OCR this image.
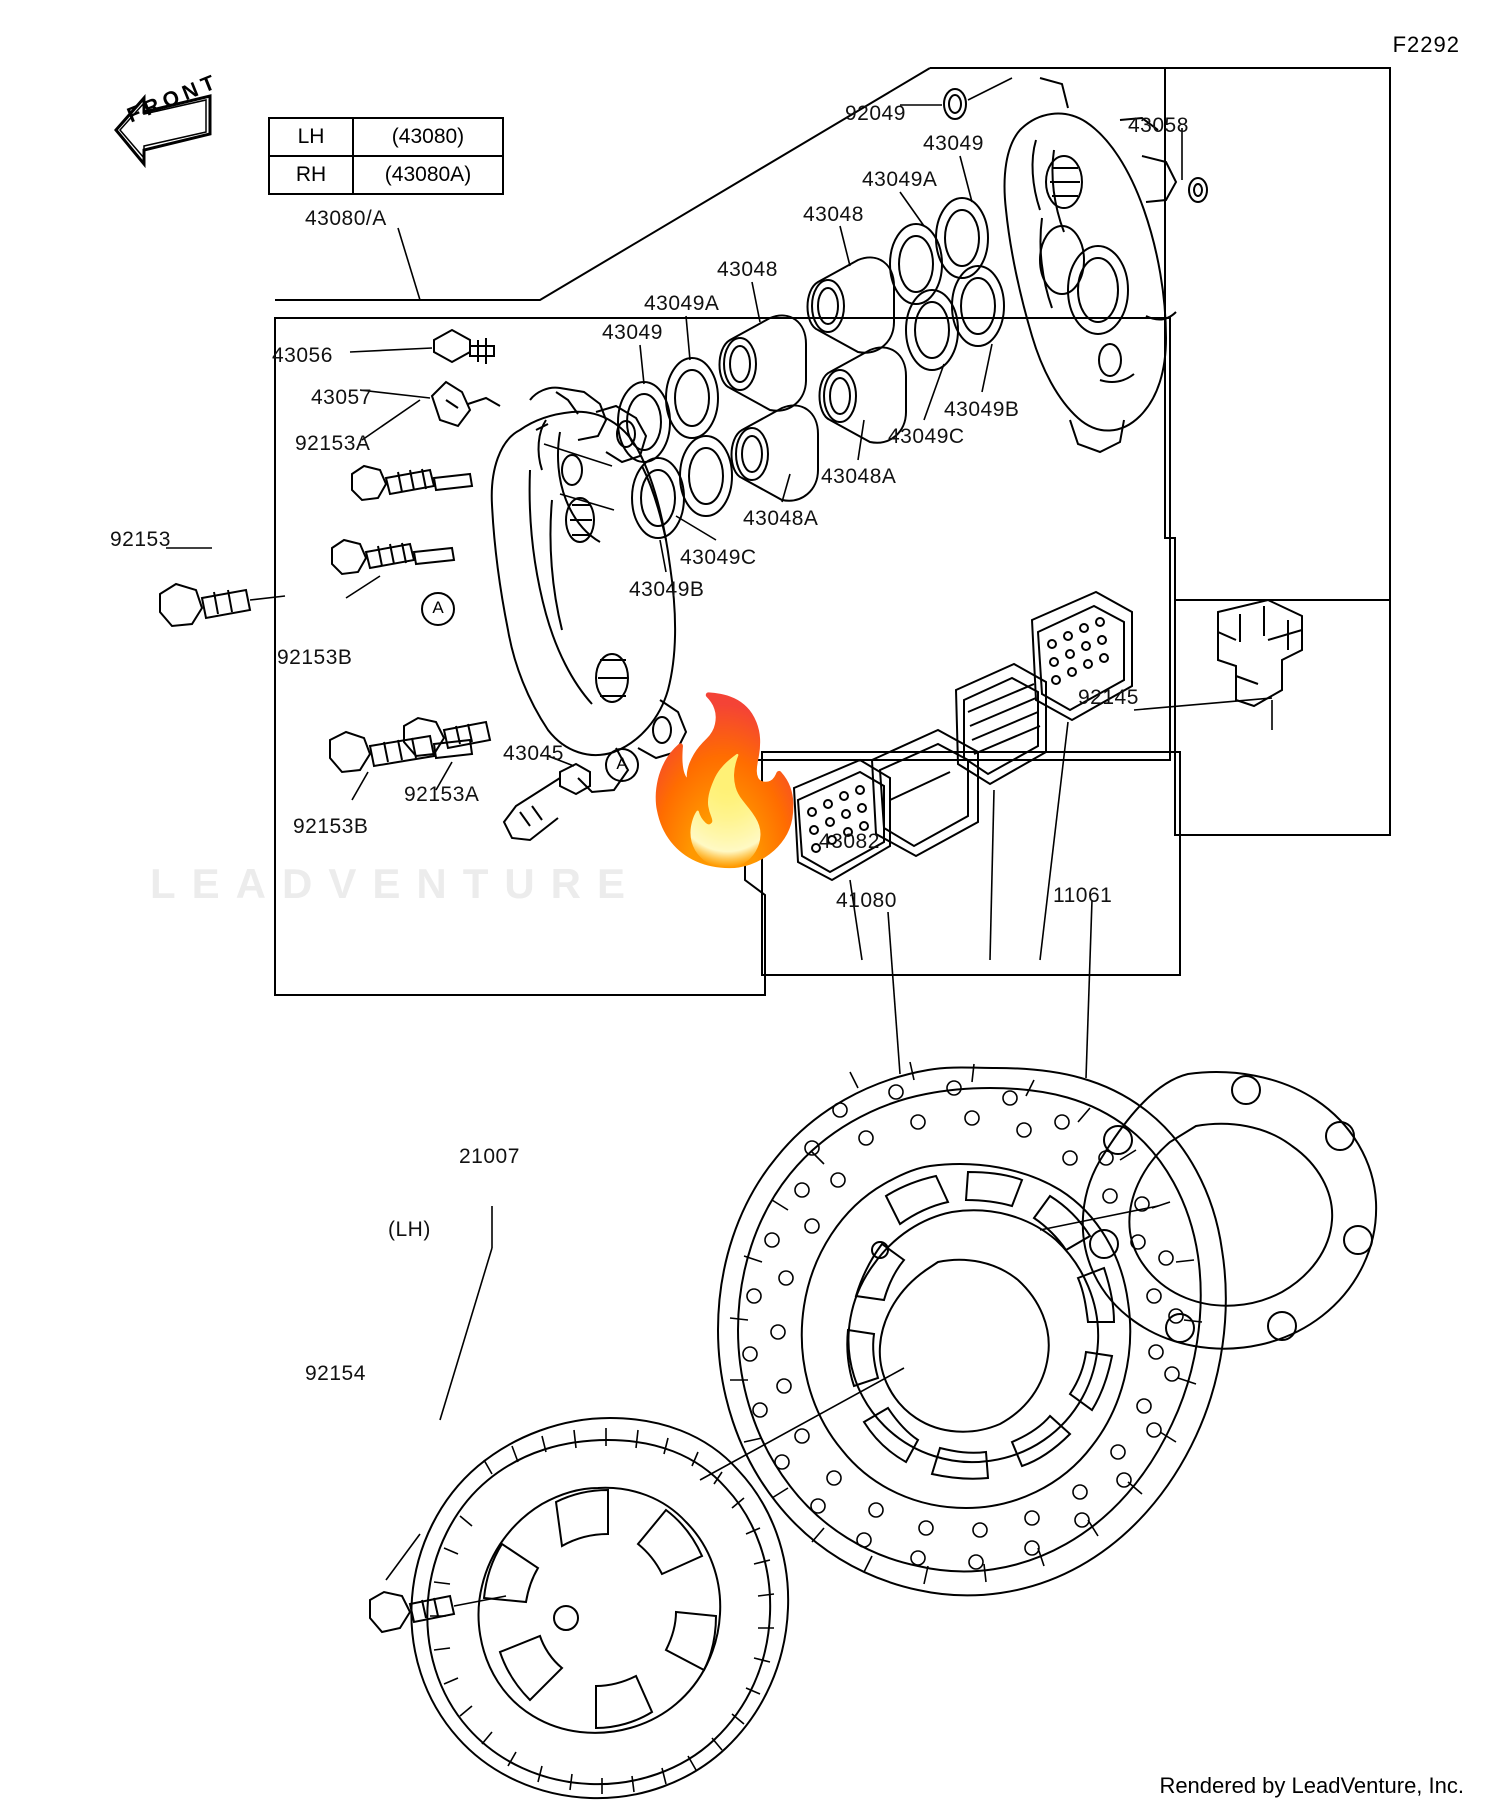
F2292
FRONT
LH	(43080)
RH	(43080A)
A
A
43080/A
43056
43057
92153A
92153
92153B
92153B
92153A
43045
43049
43049A
43048
43049C
43049B
43048A
43048A
43049C
43049B
43048
43049A
43049
92049
43058
92145
43082
41080	11061
21007
(LH)
92154
🔥
LEADVENTURE
Rendered by LeadVenture, Inc.
